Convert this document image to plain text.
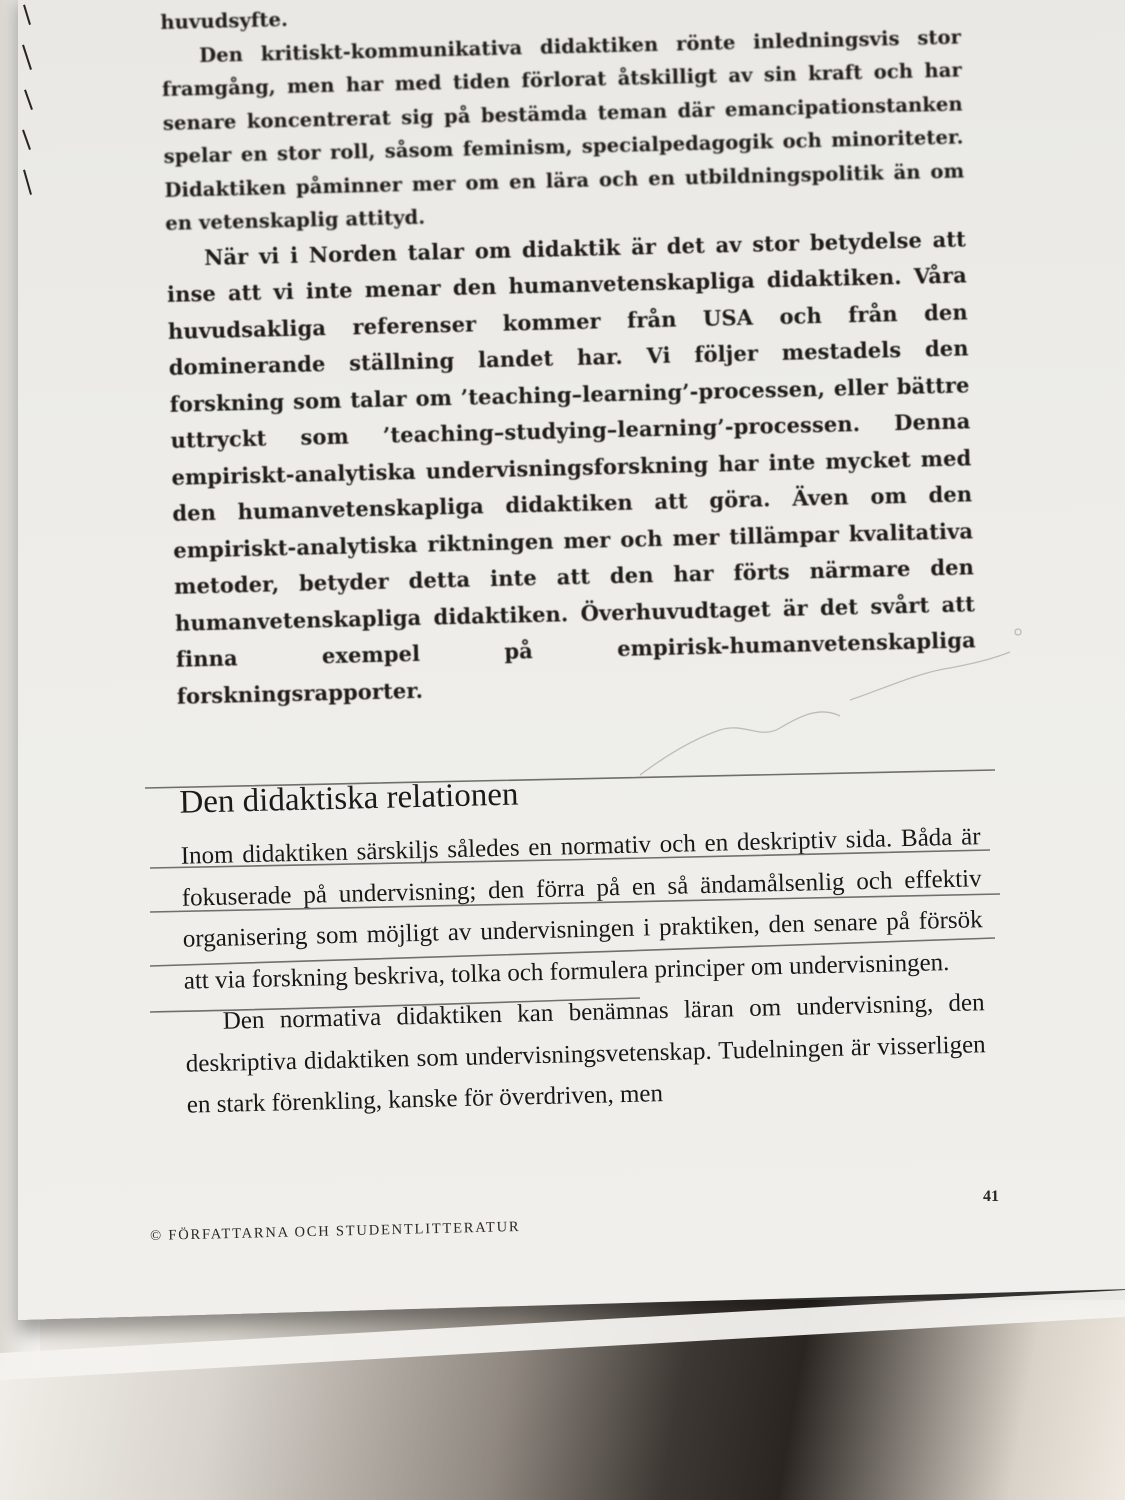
huvudsyfte.

Den kritiskt-kommunikativa didaktiken rönte inledningsvis stor framgång, men har med tiden förlorat åtskilligt av sin kraft och har senare koncentrerat sig på bestämda teman där emancipationstanken spelar en stor roll, såsom feminism, specialpedagogik och minoriteter. Didaktiken påminner mer om en lära och en utbildningspolitik än om en vetenskaplig attityd.

När vi i Norden talar om didaktik är det av stor betydelse att inse att vi inte menar den humanvetenskapliga didaktiken. Våra huvudsakliga referenser kommer från USA och från den dominerande ställning landet har. Vi följer mestadels den forskning som talar om ’teaching–learning’-processen, eller bättre uttryckt som ’teaching–studying–learning’-processen. Denna empiriskt-analytiska undervisningsforskning har inte mycket med den humanvetenskapliga didaktiken att göra. Även om den empiriskt-analytiska riktningen mer och mer tillämpar kvalitativa metoder, betyder detta inte att den har förts närmare den humanvetenskapliga didaktiken. Överhuvudtaget är det svårt att finna exempel på empirisk-humanvetenskapliga forskningsrapporter.

Den didaktiska relationen

Inom didaktiken särskiljs således en normativ och en deskriptiv sida. Båda är fokuserade på undervisning; den förra på en så ändamålsenlig och effektiv organisering som möjligt av undervisningen i praktiken, den senare på försök att via forskning beskriva, tolka och formulera principer om undervisningen.

Den normativa didaktiken kan benämnas läran om undervisning, den deskriptiva didaktiken som undervisningsvetenskap. Tudelningen är visserligen en stark förenkling, kanske för överdriven, men

41
© FÖRFATTARNA OCH STUDENTLITTERATUR
